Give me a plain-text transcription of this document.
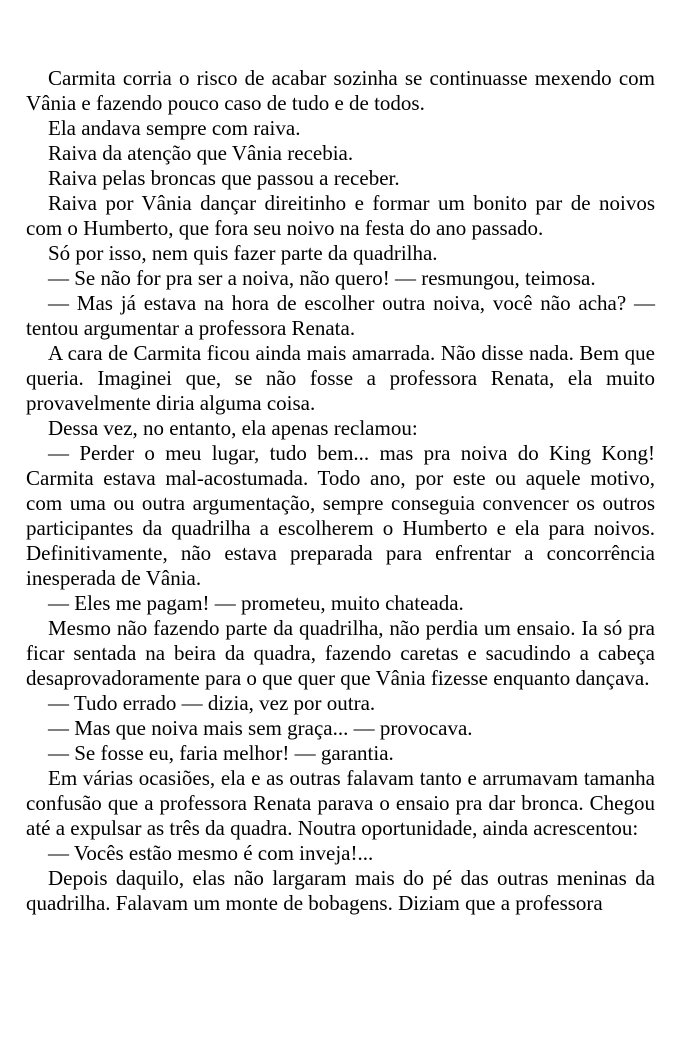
Carmita corria o risco de acabar sozinha se continuasse mexendo com Vânia e fazendo pouco caso de tudo e de todos.

Ela andava sempre com raiva.

Raiva da atenção que Vânia recebia.

Raiva pelas broncas que passou a receber.

Raiva por Vânia dançar direitinho e formar um bonito par de noivos com o Humberto, que fora seu noivo na festa do ano passado.

Só por isso, nem quis fazer parte da quadrilha.

— Se não for pra ser a noiva, não quero! — resmungou, teimosa.

— Mas já estava na hora de escolher outra noiva, você não acha? — tentou argumentar a professora Renata.

A cara de Carmita ficou ainda mais amarrada. Não disse nada. Bem que queria. Imaginei que, se não fosse a professora Renata, ela muito provavelmente diria alguma coisa.

Dessa vez, no entanto, ela apenas reclamou:

— Perder o meu lugar, tudo bem... mas pra noiva do King Kong! Carmita estava mal-acostumada. Todo ano, por este ou aquele motivo, com uma ou outra argumentação, sempre conseguia convencer os outros participantes da quadrilha a escolherem o Humberto e ela para noivos. Definitivamente, não estava preparada para enfrentar a concorrência inesperada de Vânia.

— Eles me pagam! — prometeu, muito chateada.

Mesmo não fazendo parte da quadrilha, não perdia um ensaio. Ia só pra ficar sentada na beira da quadra, fazendo caretas e sacudindo a cabeça desaprovadoramente para o que quer que Vânia fizesse enquanto dançava.

— Tudo errado — dizia, vez por outra.

— Mas que noiva mais sem graça... — provocava.

— Se fosse eu, faria melhor! — garantia.

Em várias ocasiões, ela e as outras falavam tanto e arrumavam tamanha confusão que a professora Renata parava o ensaio pra dar bronca. Chegou até a expulsar as três da quadra. Noutra oportunidade, ainda acrescentou:

— Vocês estão mesmo é com inveja!...

Depois daquilo, elas não largaram mais do pé das outras meninas da quadrilha. Falavam um monte de bobagens. Diziam que a professora
